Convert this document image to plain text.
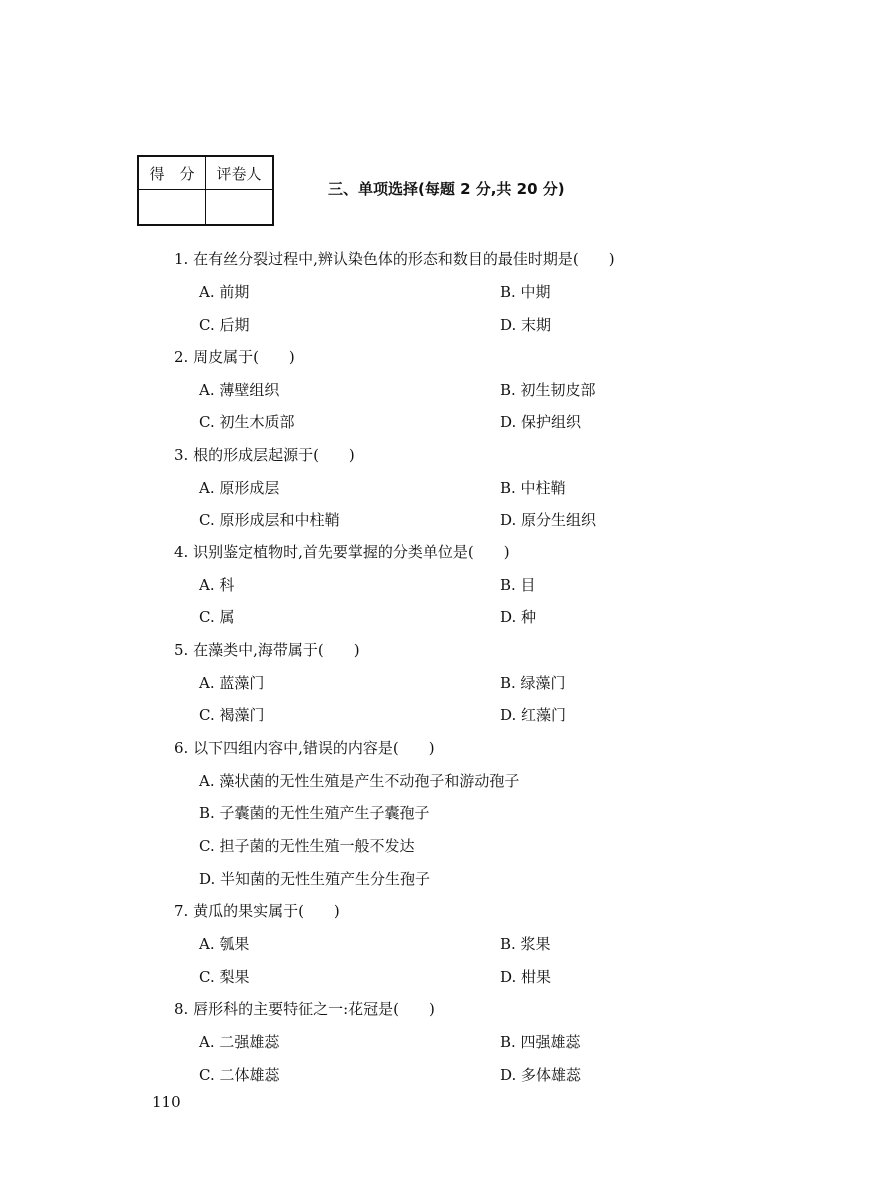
得　分	评卷人

三、单项选择(每题 2 分,共 20 分)
1. 在有丝分裂过程中,辨认染色体的形态和数目的最佳时期是(　　)
A. 前期	B. 中期
C. 后期	D. 末期
2. 周皮属于(　　)
A. 薄壁组织	B. 初生韧皮部
C. 初生木质部	D. 保护组织
3. 根的形成层起源于(　　)
A. 原形成层	B. 中柱鞘
C. 原形成层和中柱鞘	D. 原分生组织
4. 识别鉴定植物时,首先要掌握的分类单位是(　　)
A. 科	B. 目
C. 属	D. 种
5. 在藻类中,海带属于(　　)
A. 蓝藻门	B. 绿藻门
C. 褐藻门	D. 红藻门
6. 以下四组内容中,错误的内容是(　　)
A. 藻状菌的无性生殖是产生不动孢子和游动孢子
B. 子囊菌的无性生殖产生子囊孢子
C. 担子菌的无性生殖一般不发达
D. 半知菌的无性生殖产生分生孢子
7. 黄瓜的果实属于(　　)
A. 瓠果	B. 浆果
C. 梨果	D. 柑果
8. 唇形科的主要特征之一:花冠是(　　)
A. 二强雄蕊	B. 四强雄蕊
C. 二体雄蕊	D. 多体雄蕊
110
